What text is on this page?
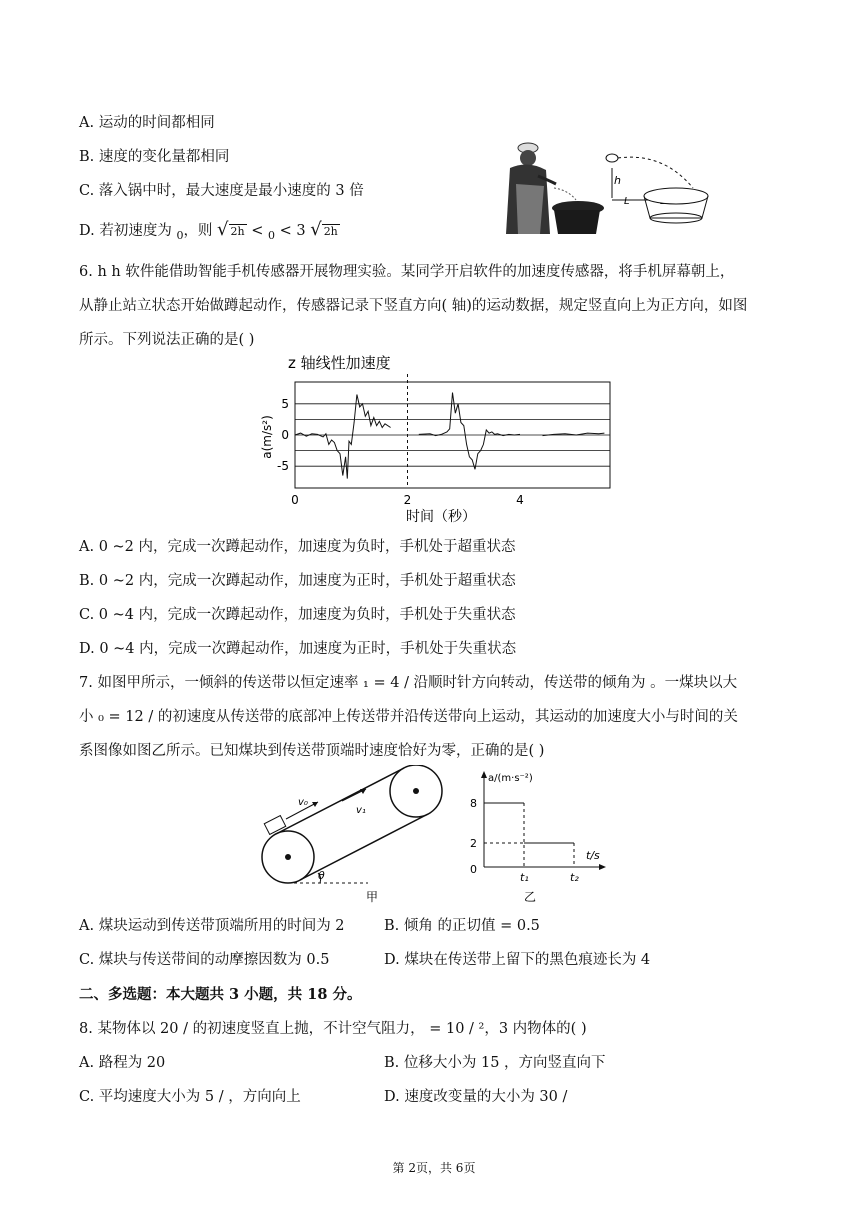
A. 运动的时间都相同
B. 速度的变化量都相同
C. 落入锅中时，最大速度是最小速度的 3 倍
D. 若初速度为 $_0$，则 √ 2h < $_0$ < 3 √ 2h
h
L
6. h h 软件能借助智能手机传感器开展物理实验。某同学开启软件的加速度传感器，将手机屏幕朝上，
从静止站立状态开始做蹲起动作，传感器记录下竖直方向( 轴)的运动数据，规定竖直向上为正方向，如图
所示。下列说法正确的是( )
z 轴线性加速度
a(m/s²)
时间（秒）
5
0
-5
0	2	4
A. 0 ~2 内，完成一次蹲起动作，加速度为负时，手机处于超重状态
B. 0 ~2 内，完成一次蹲起动作，加速度为正时，手机处于超重状态
C. 0 ~4 内，完成一次蹲起动作，加速度为负时，手机处于失重状态
D. 0 ~4 内，完成一次蹲起动作，加速度为正时，手机处于失重状态
7. 如图甲所示，一倾斜的传送带以恒定速率 ₁ = 4 / 沿顺时针方向转动，传送带的倾角为 。一煤块以大
小 ₀ = 12 / 的初速度从传送带的底部冲上传送带并沿传送带向上运动，其运动的加速度大小与时间的关
系图像如图乙所示。已知煤块到传送带顶端时速度恰好为零，正确的是( )
v₀
v₁
θ
甲
a/(m·s⁻²)
t/s
8
2
0
t₁	t₂
乙
A. 煤块运动到传送带顶端所用的时间为 2	B. 倾角 的正切值 = 0.5
C. 煤块与传送带间的动摩擦因数为 0.5	D. 煤块在传送带上留下的黑色痕迹长为 4
二、多选题：本大题共 3 小题，共 18 分。
8. 某物体以 20 / 的初速度竖直上抛，不计空气阻力， = 10 / ²，3 内物体的( )
A. 路程为 20	B. 位移大小为 15 ，方向竖直向下
C. 平均速度大小为 5 / ，方向向上	D. 速度改变量的大小为 30 /
第 2页，共 6页
